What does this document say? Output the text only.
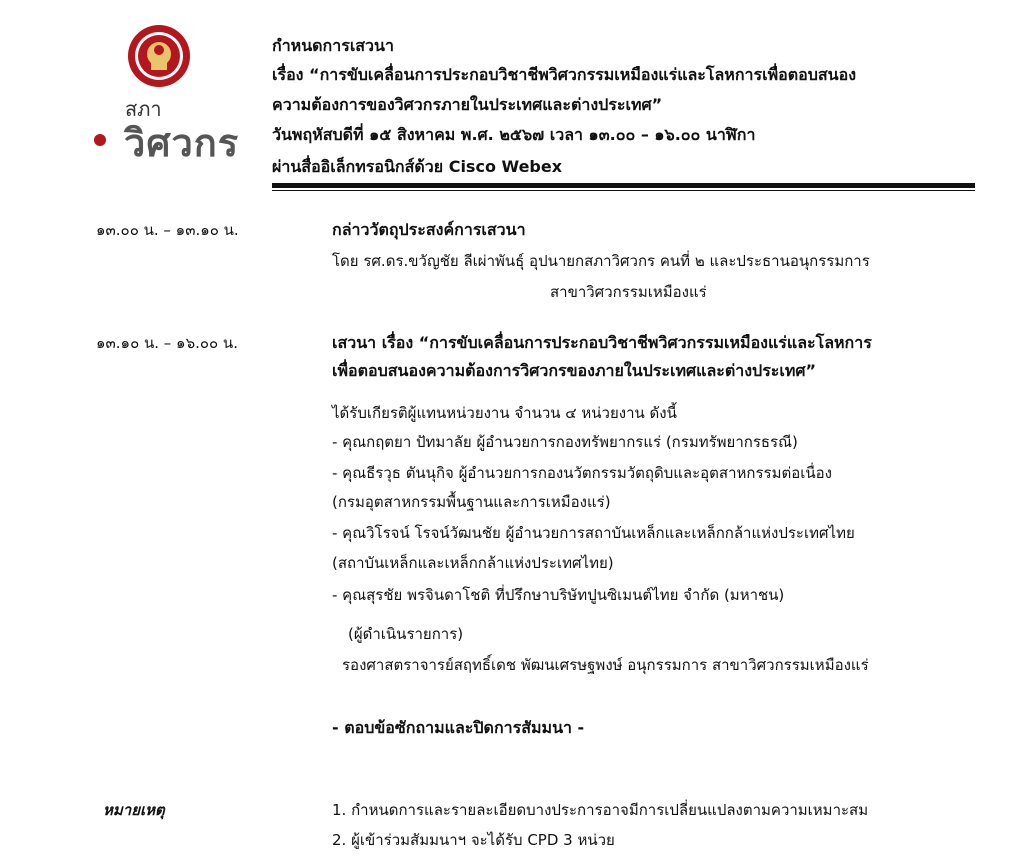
สภา
วิศวกร
กำหนดการเสวนา
เรื่อง “การขับเคลื่อนการประกอบวิชาชีพวิศวกรรมเหมืองแร่และโลหการเพื่อตอบสนอง
ความต้องการของวิศวกรภายในประเทศและต่างประเทศ”
วันพฤหัสบดีที่ ๑๕ สิงหาคม พ.ศ. ๒๕๖๗ เวลา ๑๓.๐๐ – ๑๖.๐๐ นาฬิกา
ผ่านสื่ออิเล็กทรอนิกส์ด้วย Cisco Webex
๑๓.๐๐ น. – ๑๓.๑๐ น.	กล่าววัตถุประสงค์การเสวนา
โดย รศ.ดร.ขวัญชัย ลีเผ่าพันธุ์ อุปนายกสภาวิศวกร คนที่ ๒ และประธานอนุกรรมการ
สาขาวิศวกรรมเหมืองแร่
๑๓.๑๐ น. – ๑๖.๐๐ น.	เสวนา เรื่อง “การขับเคลื่อนการประกอบวิชาชีพวิศวกรรมเหมืองแร่และโลหการ
เพื่อตอบสนองความต้องการวิศวกรของภายในประเทศและต่างประเทศ”
ได้รับเกียรติผู้แทนหน่วยงาน จำนวน ๔ หน่วยงาน ดังนี้
- คุณกฤตยา ปัทมาลัย ผู้อำนวยการกองทรัพยากรแร่ (กรมทรัพยากรธรณี)
- คุณธีรวุธ ตันนุกิจ ผู้อำนวยการกองนวัตกรรมวัตถุดิบและอุตสาหกรรมต่อเนื่อง
(กรมอุตสาหกรรมพื้นฐานและการเหมืองแร่)
- คุณวิโรจน์ โรจน์วัฒนชัย ผู้อำนวยการสถาบันเหล็กและเหล็กกล้าแห่งประเทศไทย
(สถาบันเหล็กและเหล็กกล้าแห่งประเทศไทย)
- คุณสุรชัย พรจินดาโชติ ที่ปรึกษาบริษัทปูนซิเมนต์ไทย จำกัด (มหาชน)
(ผู้ดำเนินรายการ)
รองศาสตราจารย์สฤทธิ์เดช พัฒนเศรษฐพงษ์ อนุกรรมการ สาขาวิศวกรรมเหมืองแร่
- ตอบข้อซักถามและปิดการสัมมนา -
หมายเหตุ	1. กำหนดการและรายละเอียดบางประการอาจมีการเปลี่ยนแปลงตามความเหมาะสม
2. ผู้เข้าร่วมสัมมนาฯ จะได้รับ CPD 3 หน่วย
